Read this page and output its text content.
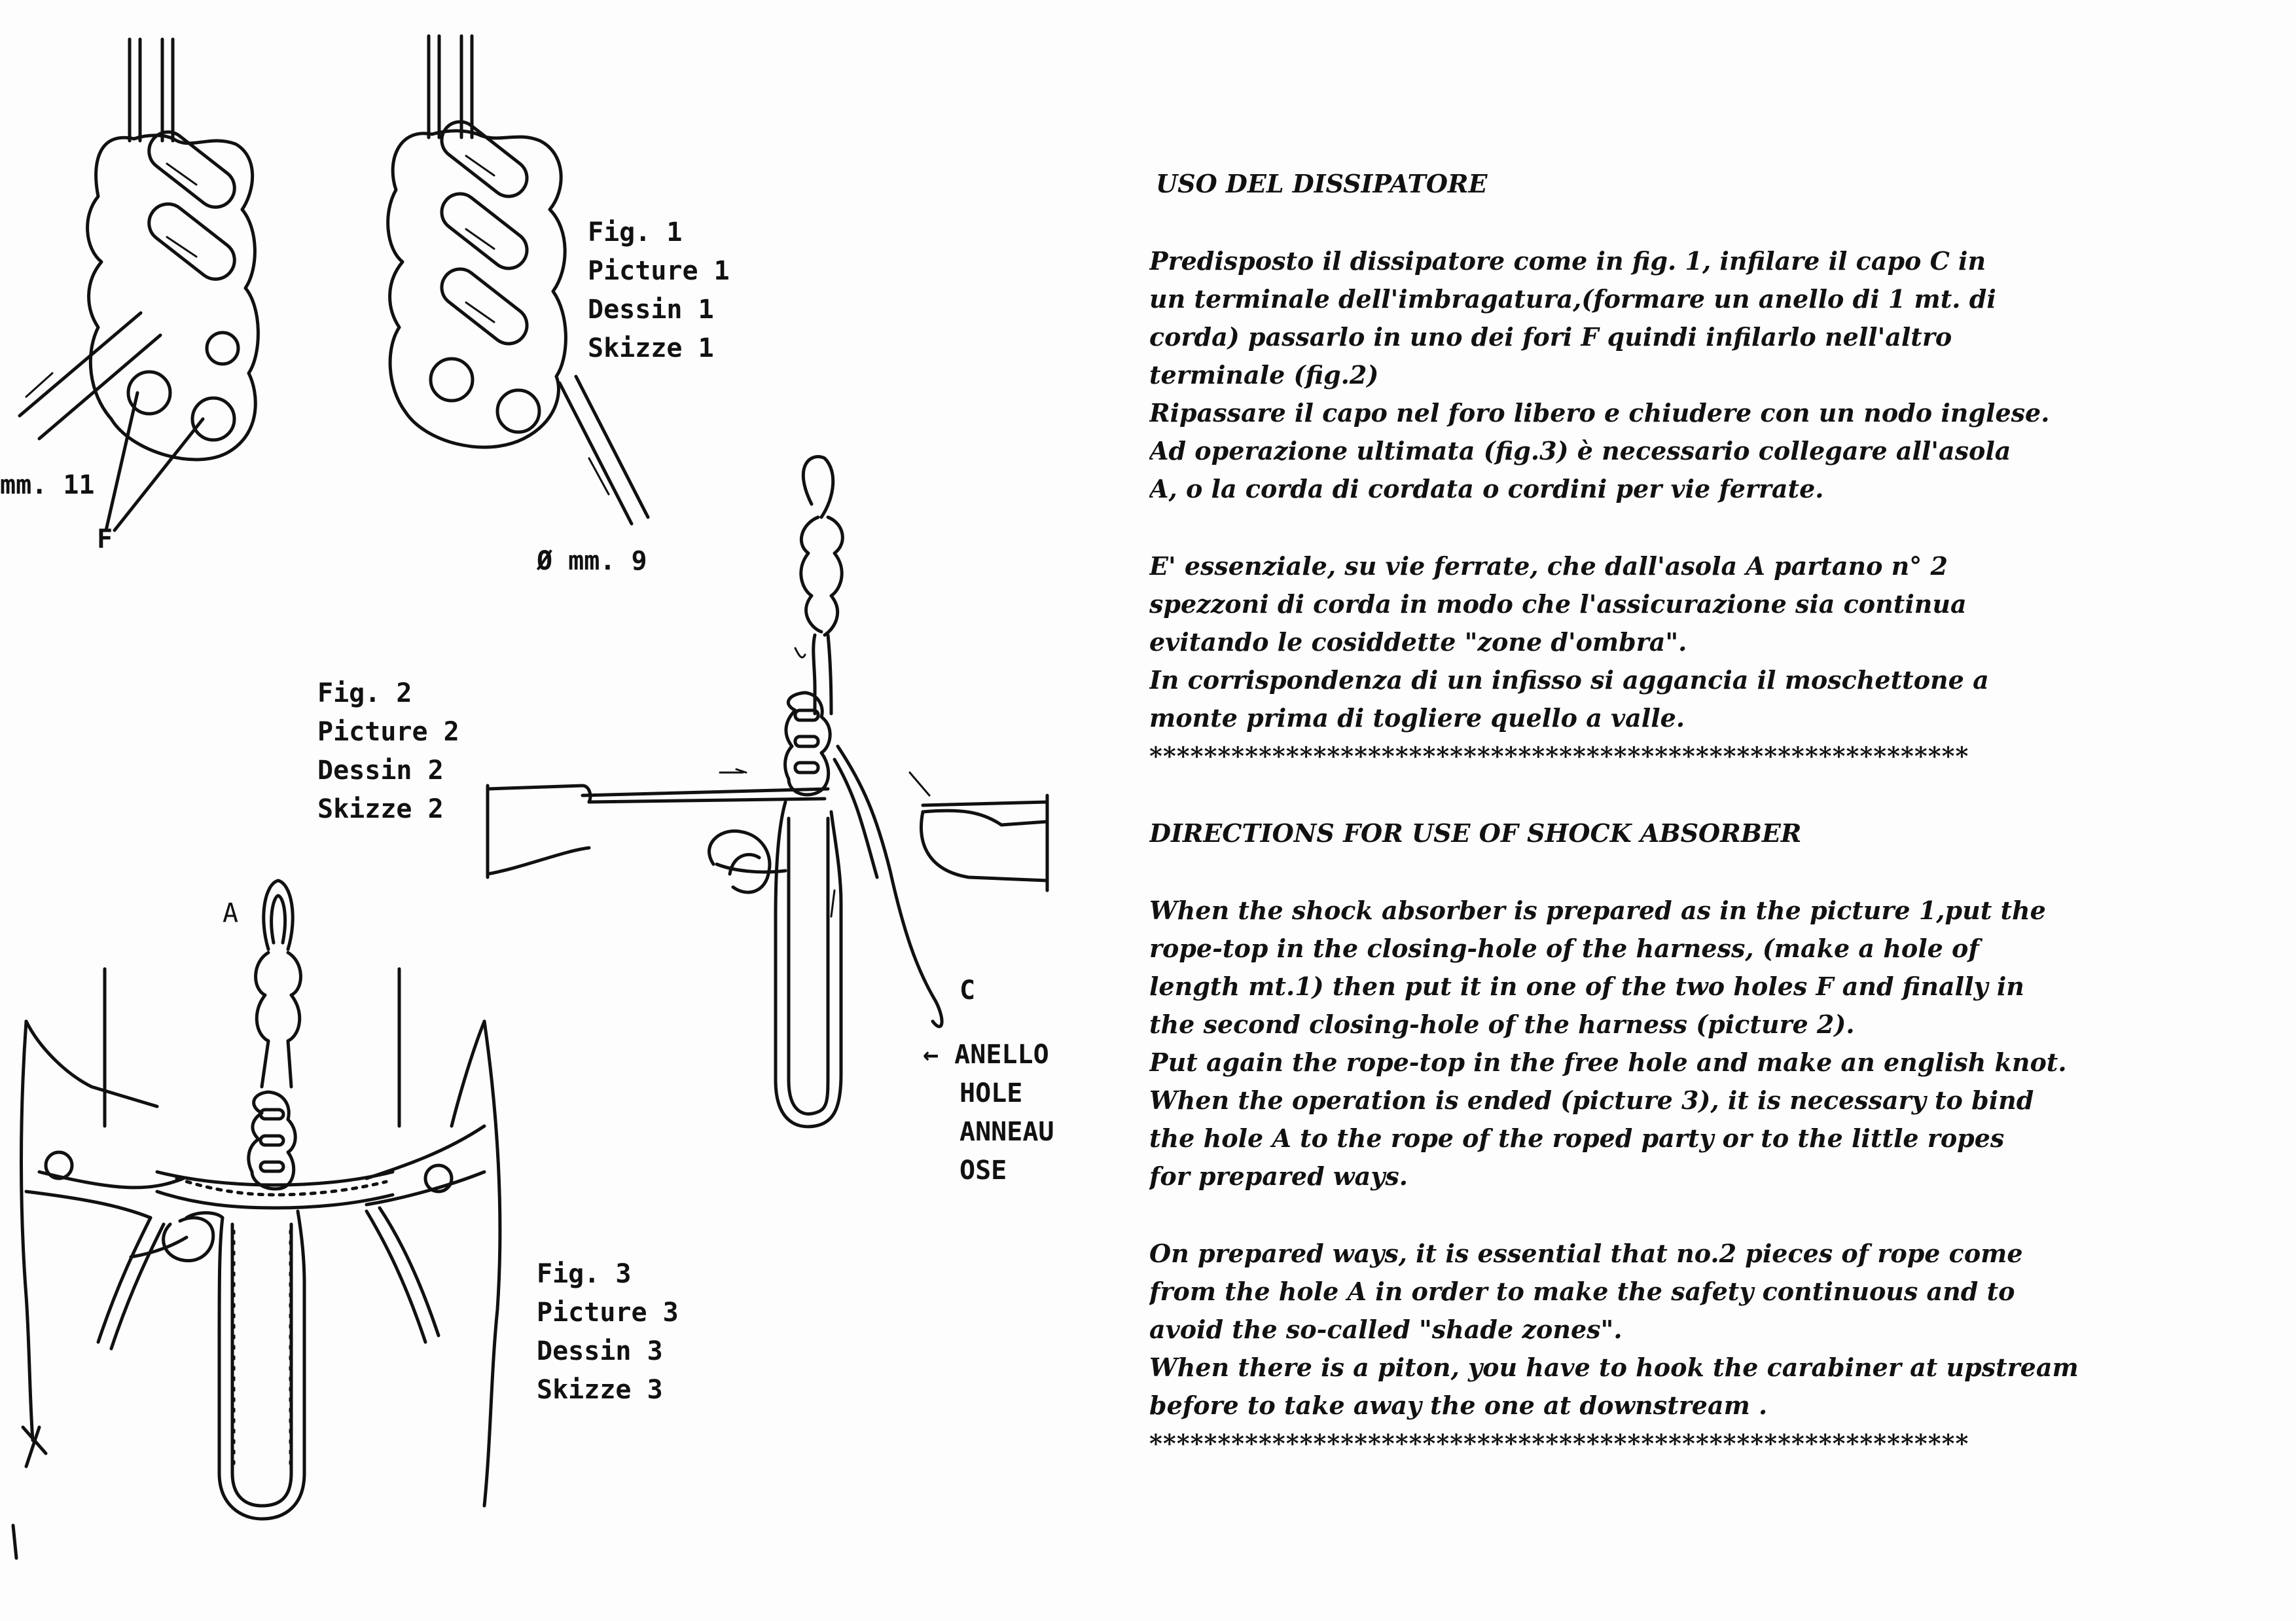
Fig. 1
Picture 1
Dessin 1
Skizze 1
mm. 11
F
Ø mm. 9
Fig. 2
Picture 2
Dessin 2
Skizze 2
C
← ANELLO
HOLE
ANNEAU
OSE
A
Fig. 3
Picture 3
Dessin 3
Skizze 3
USO DEL DISSIPATORE
Predisposto il dissipatore come in fig. 1, infilare il capo C in
un terminale dell'imbragatura,(formare un anello di 1 mt. di
corda) passarlo in uno dei fori F quindi infilarlo nell'altro
terminale (fig.2)
Ripassare il capo nel foro libero e chiudere con un nodo inglese.
Ad operazione ultimata (fig.3) è necessario collegare all'asola
A, o la corda di cordata o cordini per vie ferrate.
E' essenziale, su vie ferrate, che dall'asola A partano n° 2
spezzoni di corda in modo che l'assicurazione sia continua
evitando le cosiddette "zone d'ombra".
In corrispondenza di un infisso si aggancia il moschettone a
monte prima di togliere quello a valle.
************************************************************
DIRECTIONS FOR USE OF SHOCK ABSORBER
When the shock absorber is prepared as in the picture 1,put the
rope-top in the closing-hole of the harness, (make a hole of
length mt.1) then put it in one of the two holes F and finally in
the second closing-hole of the harness (picture 2).
Put again the rope-top in the free hole and make an english knot.
When the operation is ended (picture 3), it is necessary to bind
the hole A to the rope of the roped party or to the little ropes
for prepared ways.
On prepared ways, it is essential that no.2 pieces of rope come
from the hole A in order to make the safety continuous and to
avoid the so-called "shade zones".
When there is a piton, you have to hook the carabiner at upstream
before to take away the one at downstream .
************************************************************
